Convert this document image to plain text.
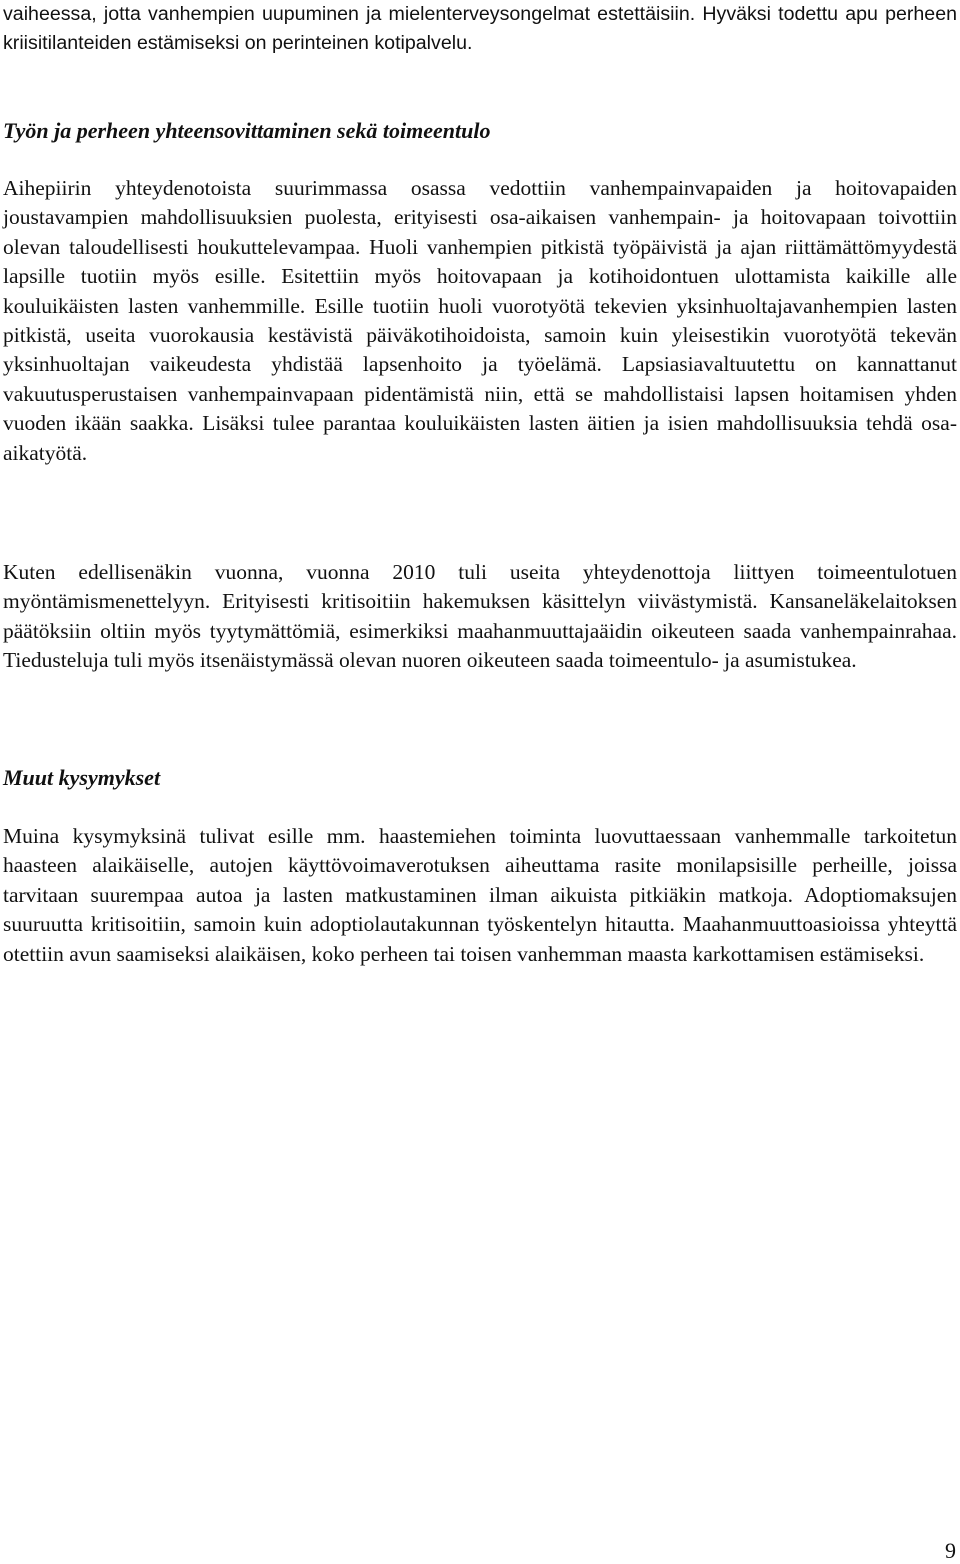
vaiheessa, jotta vanhempien uupuminen ja mielenterveysongelmat estettäisiin. Hyväksi todettu apu perheen kriisitilanteiden estämiseksi on perinteinen kotipalvelu.

Työn ja perheen yhteensovittaminen sekä toimeentulo

Aihepiirin yhteydenotoista suurimmassa osassa vedottiin vanhempainvapaiden ja hoitovapaiden joustavampien mahdollisuuksien puolesta, erityisesti osa-aikaisen vanhempain- ja hoitovapaan toivottiin olevan taloudellisesti houkuttelevampaa. Huoli vanhempien pitkistä työpäivistä ja ajan riittämättömyydestä lapsille tuotiin myös esille. Esitettiin myös hoitovapaan ja kotihoidontuen ulottamista kaikille alle kouluikäisten lasten vanhemmille. Esille tuotiin huoli vuorotyötä tekevien yksinhuoltajavanhempien lasten pitkistä, useita vuorokausia kestävistä päiväkotihoidoista, samoin kuin yleisestikin vuorotyötä tekevän yksinhuoltajan vaikeudesta yhdistää lapsenhoito ja työelämä. Lapsiasiavaltuutettu on kannattanut vakuutusperustaisen vanhempainvapaan pidentämistä niin, että se mahdollistaisi lapsen hoitamisen yhden vuoden ikään saakka. Lisäksi tulee parantaa kouluikäisten lasten äitien ja isien mahdollisuuksia tehdä osa-aikatyötä.

Kuten edellisenäkin vuonna, vuonna 2010 tuli useita yhteydenottoja liittyen toimeentulotuen myöntämismenettelyyn. Erityisesti kritisoitiin hakemuksen käsittelyn viivästymistä. Kansaneläkelaitoksen päätöksiin oltiin myös tyytymättömiä, esimerkiksi maahanmuuttajaäidin oikeuteen saada vanhempainrahaa. Tiedusteluja tuli myös itsenäistymässä olevan nuoren oikeuteen saada toimeentulo- ja asumistukea.

Muut kysymykset

Muina kysymyksinä tulivat esille mm. haastemiehen toiminta luovuttaessaan vanhemmalle tarkoitetun haasteen alaikäiselle, autojen käyttövoimaverotuksen aiheuttama rasite monilapsisille perheille, joissa tarvitaan suurempaa autoa ja lasten matkustaminen ilman aikuista pitkiäkin matkoja. Adoptiomaksujen suuruutta kritisoitiin, samoin kuin adoptiolautakunnan työskentelyn hitautta. Maahanmuuttoasioissa yhteyttä otettiin avun saamiseksi alaikäisen, koko perheen tai toisen vanhemman maasta karkottamisen estämiseksi.

9
